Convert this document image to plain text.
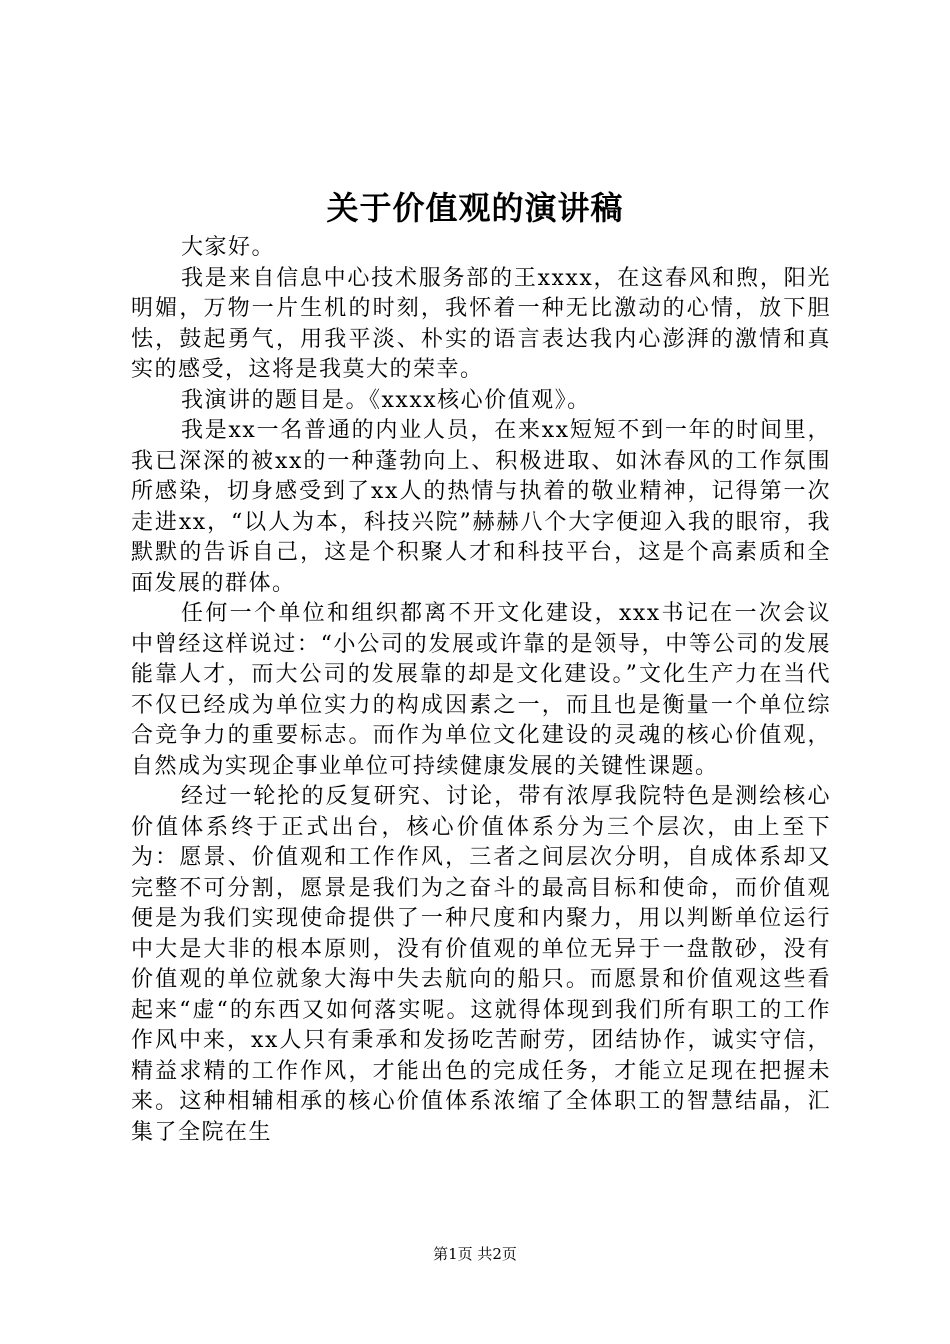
关于价值观的演讲稿

大家好。

我是来自信息中心技术服务部的王xxxx，在这春风和煦，阳光明媚，万物一片生机的时刻，我怀着一种无比激动的心情，放下胆怯，鼓起勇气，用我平淡、朴实的语言表达我内心澎湃的激情和真实的感受，这将是我莫大的荣幸。

我演讲的题目是。《xxxx核心价值观》。

我是xx一名普通的内业人员，在来xx短短不到一年的时间里，我已深深的被xx的一种蓬勃向上、积极进取、如沐春风的工作氛围所感染，切身感受到了xx人的热情与执着的敬业精神，记得第一次走进xx，“以人为本，科技兴院”赫赫八个大字便迎入我的眼帘，我默默的告诉自己，这是个积聚人才和科技平台，这是个高素质和全面发展的群体。

任何一个单位和组织都离不开文化建设，xxx书记在一次会议中曾经这样说过：“小公司的发展或许靠的是领导，中等公司的发展能靠人才，而大公司的发展靠的却是文化建设。”文化生产力在当代不仅已经成为单位实力的构成因素之一，而且也是衡量一个单位综合竞争力的重要标志。而作为单位文化建设的灵魂的核心价值观，自然成为实现企事业单位可持续健康发展的关键性课题。

经过一轮抡的反复研究、讨论，带有浓厚我院特色是测绘核心价值体系终于正式出台，核心价值体系分为三个层次，由上至下为：愿景、价值观和工作作风，三者之间层次分明，自成体系却又完整不可分割，愿景是我们为之奋斗的最高目标和使命，而价值观便是为我们实现使命提供了一种尺度和内聚力，用以判断单位运行中大是大非的根本原则，没有价值观的单位无异于一盘散砂，没有价值观的单位就象大海中失去航向的船只。而愿景和价值观这些看起来“虚“的东西又如何落实呢。这就得体现到我们所有职工的工作作风中来，xx人只有秉承和发扬吃苦耐劳，团结协作，诚实守信，精益求精的工作作风，才能出色的完成任务，才能立足现在把握未来。这种相辅相承的核心价值体系浓缩了全体职工的智慧结晶，汇集了全院在生

第1页 共2页
